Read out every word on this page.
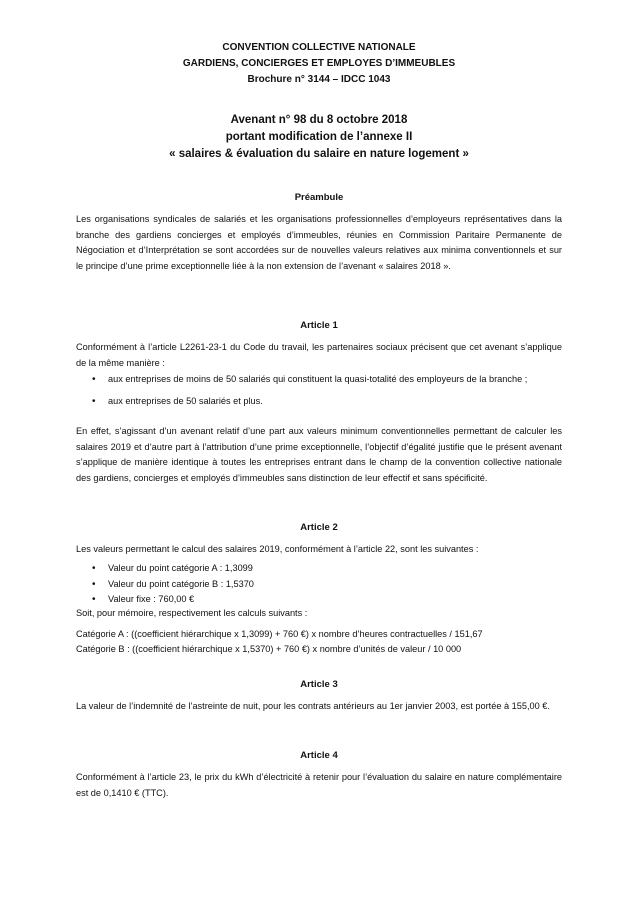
CONVENTION COLLECTIVE NATIONALE
GARDIENS, CONCIERGES ET EMPLOYES D’IMMEUBLES
Brochure n° 3144 – IDCC 1043
Avenant n° 98 du 8 octobre 2018
portant modification de l’annexe II
« salaires & évaluation du salaire en nature logement »
Préambule

Les organisations syndicales de salariés et les organisations professionnelles d’employeurs représentatives dans la branche des gardiens concierges et employés d’immeubles, réunies en Commission Paritaire Permanente de Négociation et d’Interprétation se sont accordées sur de nouvelles valeurs relatives aux minima conventionnels et sur le principe d’une prime exceptionnelle liée à la non extension de l’avenant « salaires 2018 ».

Article 1

Conformément à l’article L2261-23-1 du Code du travail, les partenaires sociaux précisent que cet avenant s’applique de la même manière :

• aux entreprises de moins de 50 salariés qui constituent la quasi-totalité des employeurs de la branche ;
• aux entreprises de 50 salariés et plus.

En effet, s’agissant d’un avenant relatif d’une part aux valeurs minimum conventionnelles permettant de calculer les salaires 2019 et d’autre part à l’attribution d’une prime exceptionnelle, l’objectif d’égalité justifie que le présent avenant s’applique de manière identique à toutes les entreprises entrant dans le champ de la convention collective nationale des gardiens, concierges et employés d’immeubles sans distinction de leur effectif et sans spécificité.

Article 2

Les valeurs permettant le calcul des salaires 2019, conformément à l’article 22, sont les suivantes :

• Valeur du point catégorie A : 1,3099
• Valeur du point catégorie B : 1,5370
• Valeur fixe : 760,00 €

Soit, pour mémoire, respectivement les calculs suivants :

Catégorie A : ((coefficient hiérarchique x 1,3099) + 760 €) x nombre d’heures contractuelles / 151,67

Catégorie B : ((coefficient hiérarchique x 1,5370) + 760 €) x nombre d’unités de valeur / 10 000

Article 3

La valeur de l’indemnité de l’astreinte de nuit, pour les contrats antérieurs au 1er janvier 2003, est portée à 155,00 €.

Article 4

Conformément à l’article 23, le prix du kWh d’électricité à retenir pour l’évaluation du salaire en nature complémentaire est de 0,1410 € (TTC).
